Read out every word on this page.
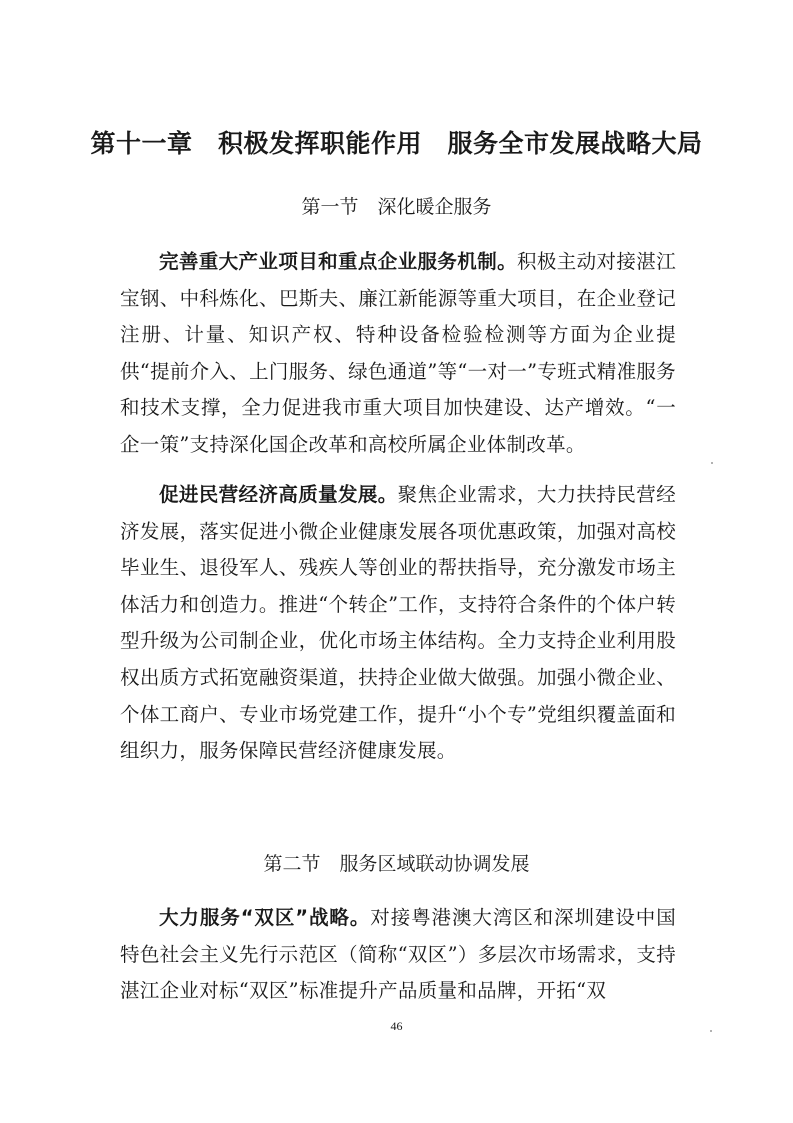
第十一章　积极发挥职能作用　服务全市发展战略大局
第一节　深化暖企服务

完善重大产业项目和重点企业服务机制。积极主动对接湛江宝钢、中科炼化、巴斯夫、廉江新能源等重大项目，在企业登记注册、计量、知识产权、特种设备检验检测等方面为企业提供“提前介入、上门服务、绿色通道”等“一对一”专班式精准服务和技术支撑，全力促进我市重大项目加快建设、达产增效。“一企一策”支持深化国企改革和高校所属企业体制改革。

促进民营经济高质量发展。聚焦企业需求，大力扶持民营经济发展，落实促进小微企业健康发展各项优惠政策，加强对高校毕业生、退役军人、残疾人等创业的帮扶指导，充分激发市场主体活力和创造力。推进“个转企”工作，支持符合条件的个体户转型升级为公司制企业，优化市场主体结构。全力支持企业利用股权出质方式拓宽融资渠道，扶持企业做大做强。加强小微企业、个体工商户、专业市场党建工作，提升“小个专”党组织覆盖面和组织力，服务保障民营经济健康发展。

第二节　服务区域联动协调发展

大力服务“双区”战略。对接粤港澳大湾区和深圳建设中国特色社会主义先行示范区（简称“双区”）多层次市场需求，支持湛江企业对标“双区”标准提升产品质量和品牌，开拓“双

46
